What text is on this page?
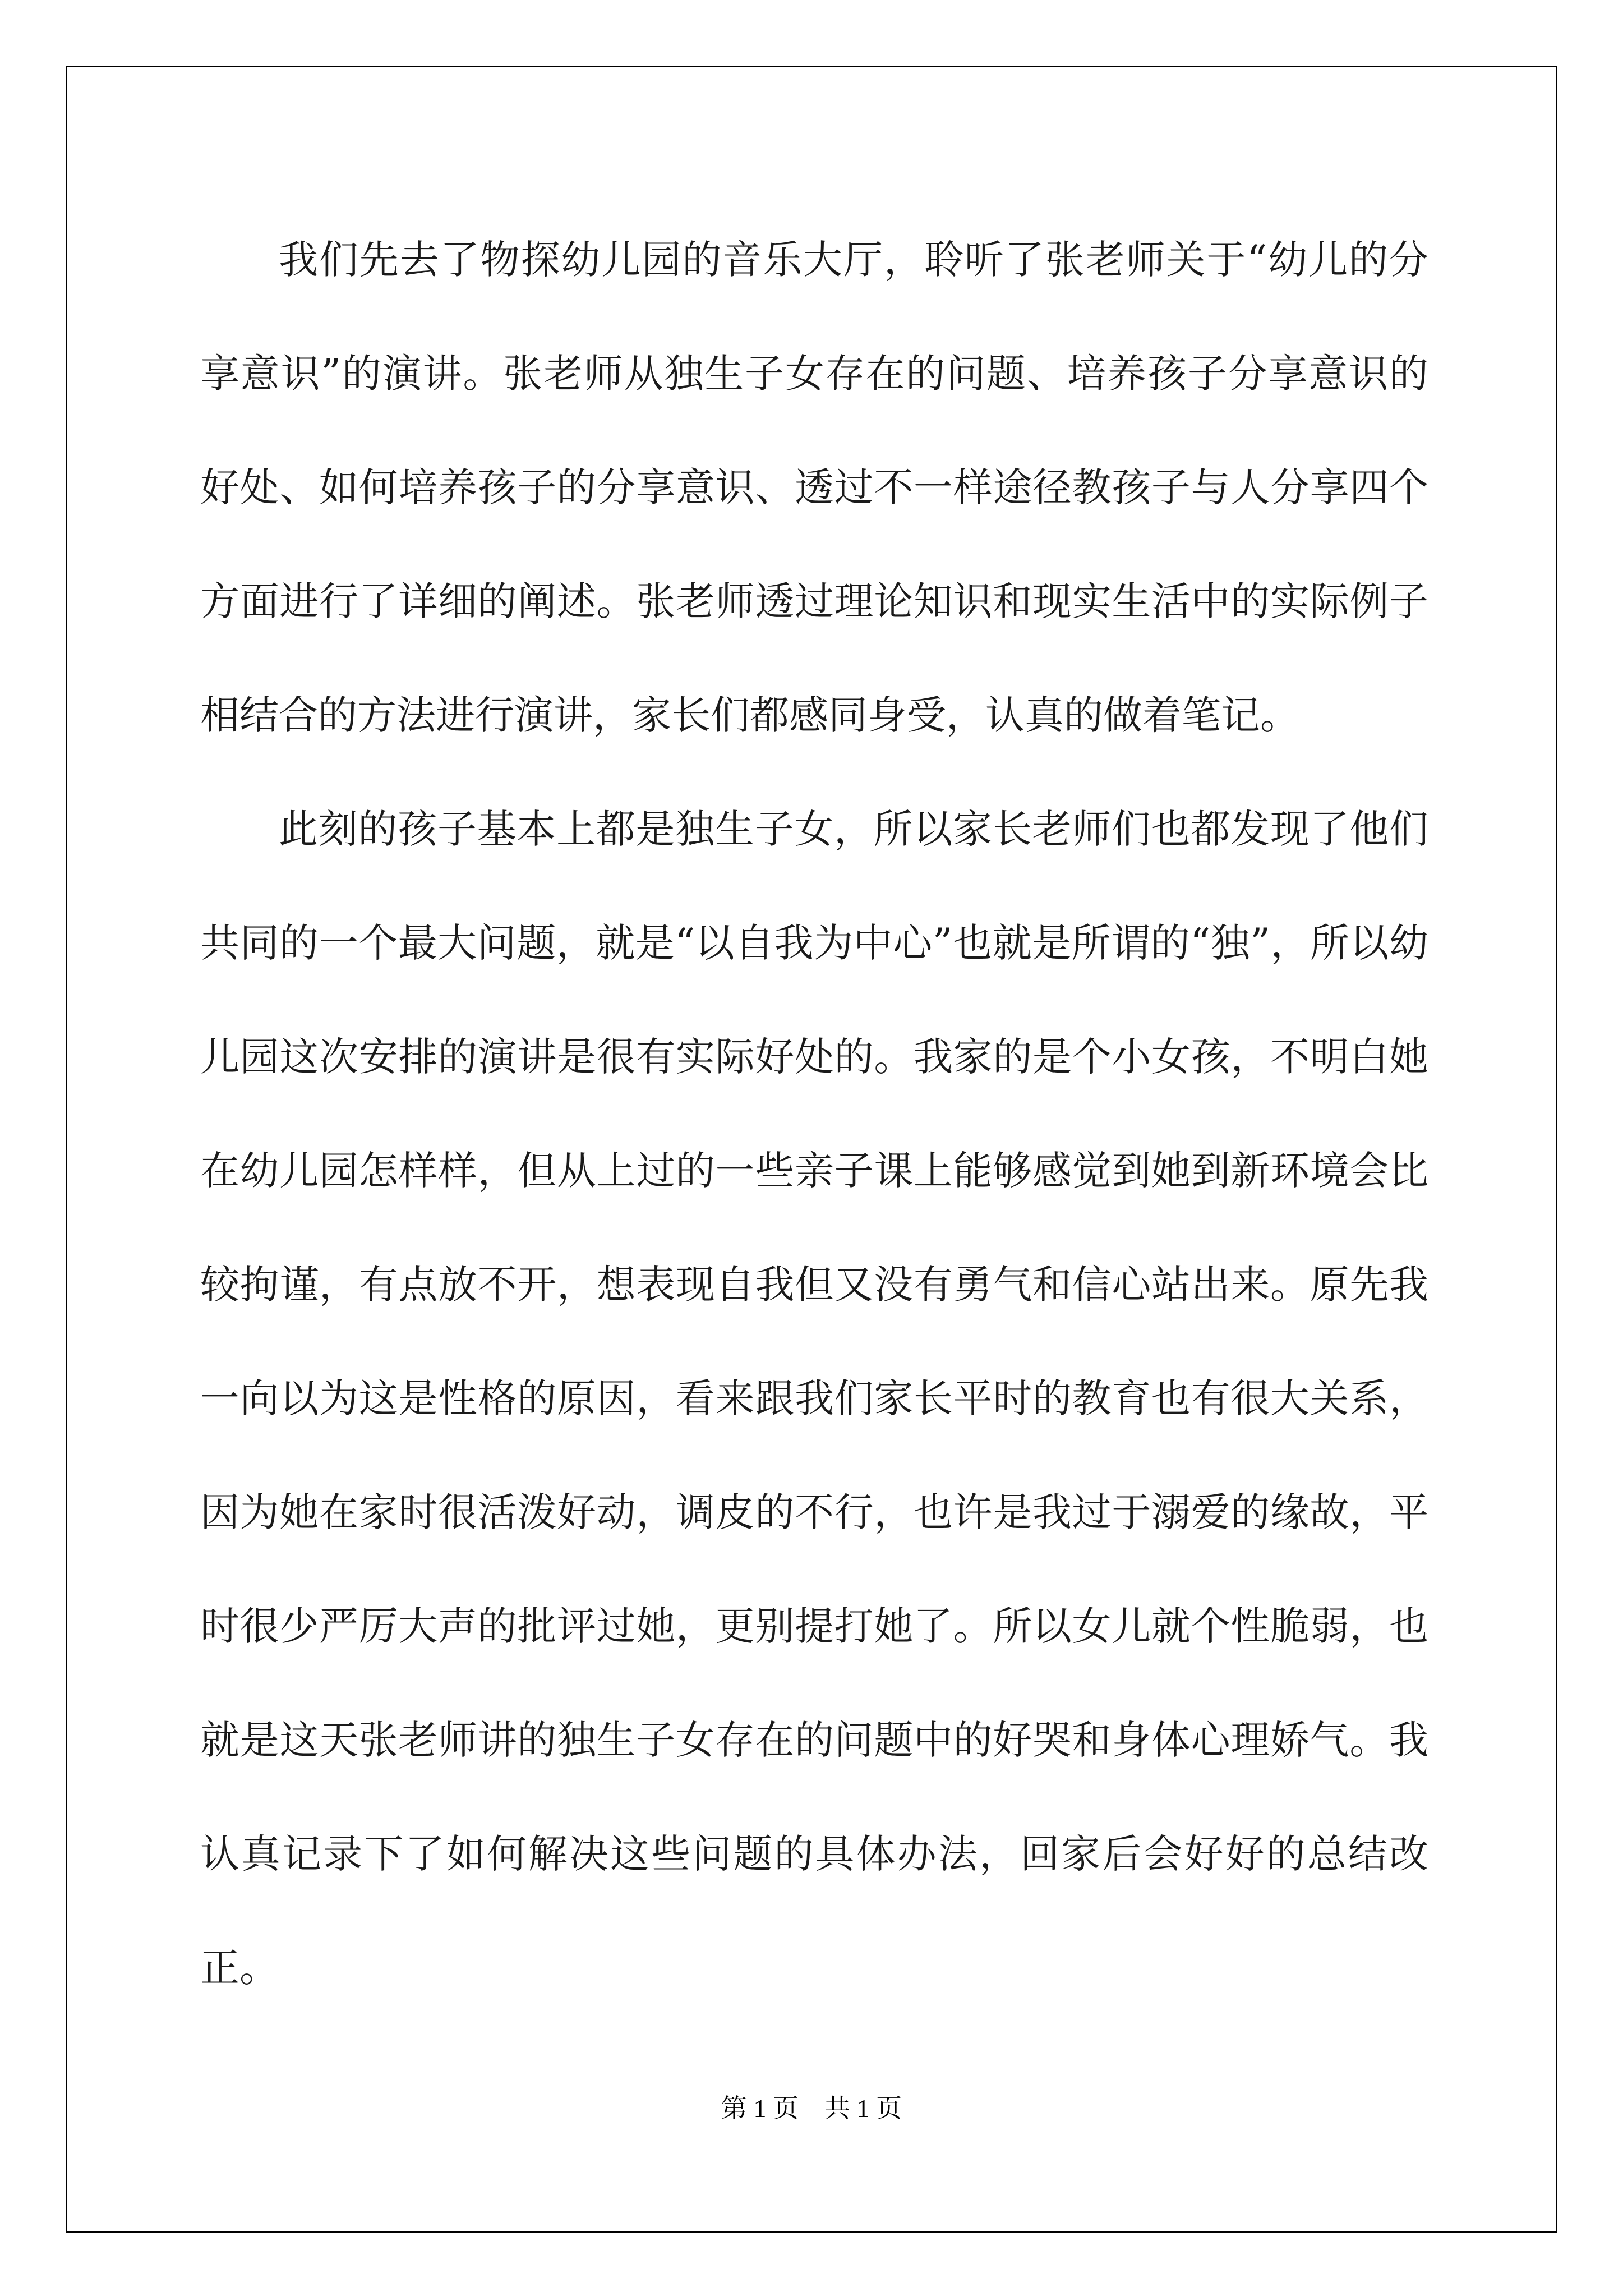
我们先去了物探幼儿园的音乐大厅，聆听了张老师关于“幼儿的分享意识”的演讲。张老师从独生子女存在的问题、培养孩子分享意识的好处、如何培养孩子的分享意识、透过不一样途径教孩子与人分享四个方面进行了详细的阐述。张老师透过理论知识和现实生活中的实际例子相结合的方法进行演讲，家长们都感同身受，认真的做着笔记。

此刻的孩子基本上都是独生子女，所以家长老师们也都发现了他们共同的一个最大问题，就是“以自我为中心”也就是所谓的“独”，所以幼儿园这次安排的演讲是很有实际好处的。我家的是个小女孩，不明白她在幼儿园怎样样，但从上过的一些亲子课上能够感觉到她到新环境会比较拘谨，有点放不开，想表现自我但又没有勇气和信心站出来。原先我一向以为这是性格的原因，看来跟我们家长平时的教育也有很大关系，因为她在家时很活泼好动，调皮的不行，也许是我过于溺爱的缘故，平时很少严厉大声的批评过她，更别提打她了。所以女儿就个性脆弱，也就是这天张老师讲的独生子女存在的问题中的好哭和身体心理娇气。我认真记录下了如何解决这些问题的具体办法，回家后会好好的总结改正。

第 1 页    共 1 页
